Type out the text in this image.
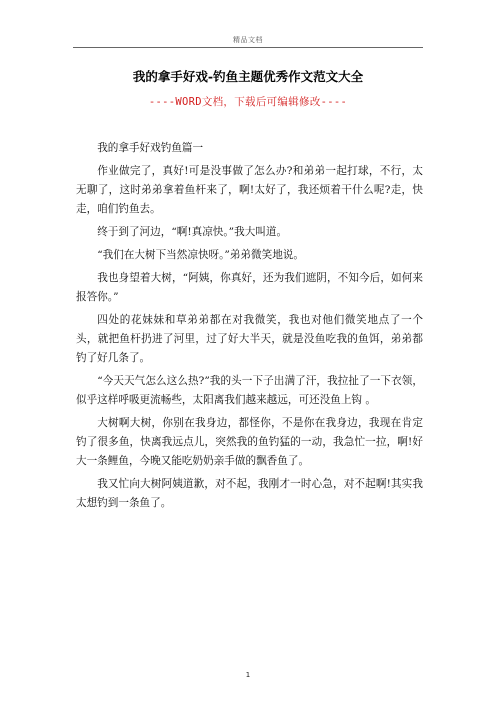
精品文档
我的拿手好戏-钓鱼主题优秀作文范文大全
----WORD文档，下载后可编辑修改----

我的拿手好戏钓鱼篇一

作业做完了，真好!可是没事做了怎么办?和弟弟一起打球，不行，太无聊了，这时弟弟拿着鱼杆来了，啊!太好了，我还烦着干什么呢?走，快走，咱们钓鱼去。

终于到了河边，“啊!真凉快。”我大叫道。

“我们在大树下当然凉快呀。”弟弟微笑地说。

我也身望着大树，“阿姨，你真好，还为我们遮阴，不知今后，如何来报答你。”

四处的花妹妹和草弟弟都在对我微笑，我也对他们微笑地点了一个头，就把鱼杆扔进了河里，过了好大半天，就是没鱼吃我的鱼饵，弟弟都钓了好几条了。

“今天天气怎么这么热?”我的头一下子出满了汗，我拉扯了一下衣领，似乎这样呼吸更流畅些，太阳离我们越来越远，可还没鱼上钩 。

大树啊大树，你别在我身边，都怪你，不是你在我身边，我现在肯定钓了很多鱼，快离我远点儿，突然我的鱼钓猛的一动，我急忙一拉，啊!好大一条鲤鱼，今晚又能吃奶奶亲手做的飘香鱼了。

我又忙向大树阿姨道歉，对不起，我刚才一时心急，对不起啊!其实我太想钓到一条鱼了。

1
